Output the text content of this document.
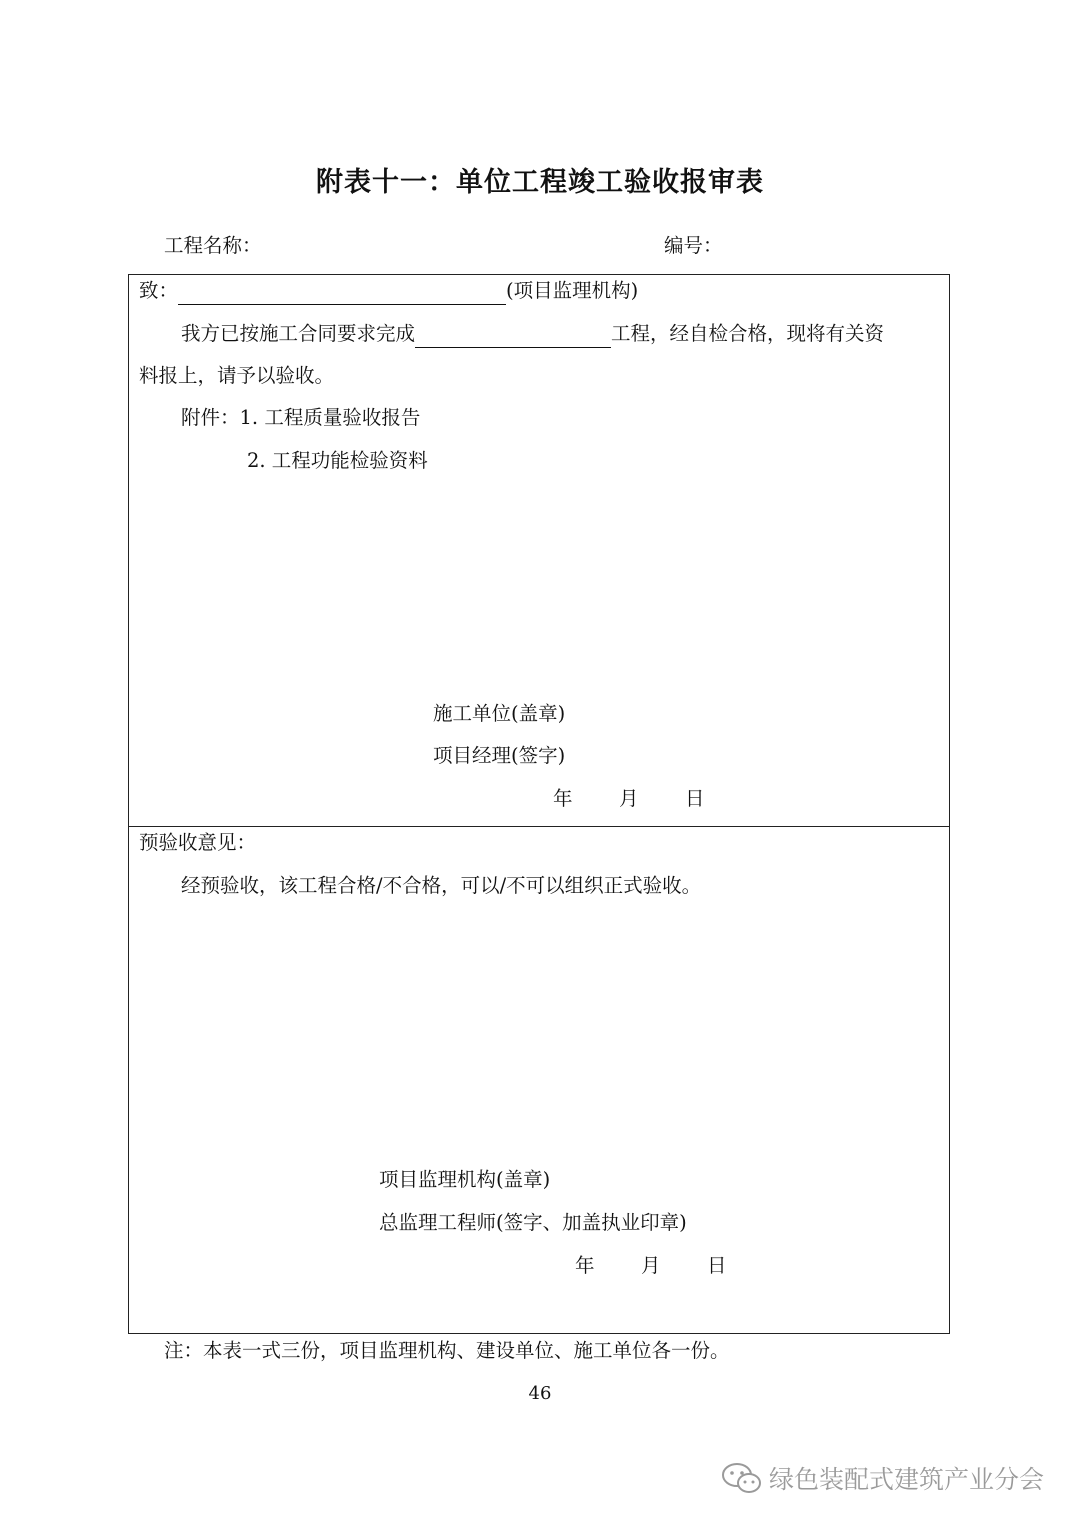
附表十一：单位工程竣工验收报审表
工程名称：	编号：
致：	(项目监理机构)
我方已按施工合同要求完成	工程，经自检合格，现将有关资
料报上，请予以验收。
附件：1. 工程质量验收报告
2. 工程功能检验资料
施工单位(盖章)
项目经理(签字)
年 月 日
预验收意见：
经预验收，该工程合格/不合格，可以/不可以组织正式验收。
项目监理机构(盖章)
总监理工程师(签字、加盖执业印章)
年 月 日
注：本表一式三份，项目监理机构、建设单位、施工单位各一份。
46
绿色装配式建筑产业分会
